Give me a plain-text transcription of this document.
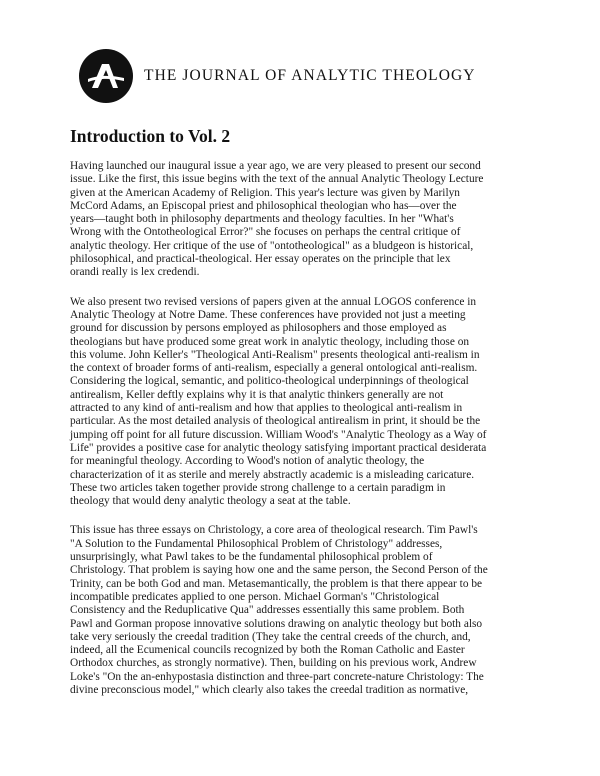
THE JOURNAL OF ANALYTIC THEOLOGY
Introduction to Vol. 2
Having launched our inaugural issue a year ago, we are very pleased to present our second
issue. Like the first, this issue begins with the text of the annual Analytic Theology Lecture
given at the American Academy of Religion. This year's lecture was given by Marilyn
McCord Adams, an Episcopal priest and philosophical theologian who has—over the
years—taught both in philosophy departments and theology faculties. In her "What's
Wrong with the Ontotheological Error?" she focuses on perhaps the central critique of
analytic theology. Her critique of the use of "ontotheological" as a bludgeon is historical,
philosophical, and practical-theological. Her essay operates on the principle that lex
orandi really is lex credendi.
We also present two revised versions of papers given at the annual LOGOS conference in
Analytic Theology at Notre Dame. These conferences have provided not just a meeting
ground for discussion by persons employed as philosophers and those employed as
theologians but have produced some great work in analytic theology, including those on
this volume. John Keller's "Theological Anti-Realism" presents theological anti-realism in
the context of broader forms of anti-realism, especially a general ontological anti-realism.
Considering the logical, semantic, and politico-theological underpinnings of theological
antirealism, Keller deftly explains why it is that analytic thinkers generally are not
attracted to any kind of anti-realism and how that applies to theological anti-realism in
particular. As the most detailed analysis of theological antirealism in print, it should be the
jumping off point for all future discussion. William Wood's "Analytic Theology as a Way of
Life" provides a positive case for analytic theology satisfying important practical desiderata
for meaningful theology. According to Wood's notion of analytic theology, the
characterization of it as sterile and merely abstractly academic is a misleading caricature.
These two articles taken together provide strong challenge to a certain paradigm in
theology that would deny analytic theology a seat at the table.
This issue has three essays on Christology, a core area of theological research. Tim Pawl's
"A Solution to the Fundamental Philosophical Problem of Christology" addresses,
unsurprisingly, what Pawl takes to be the fundamental philosophical problem of
Christology. That problem is saying how one and the same person, the Second Person of the
Trinity, can be both God and man. Metasemantically, the problem is that there appear to be
incompatible predicates applied to one person. Michael Gorman's "Christological
Consistency and the Reduplicative Qua" addresses essentially this same problem. Both
Pawl and Gorman propose innovative solutions drawing on analytic theology but both also
take very seriously the creedal tradition (They take the central creeds of the church, and,
indeed, all the Ecumenical councils recognized by both the Roman Catholic and Easter
Orthodox churches, as strongly normative). Then, building on his previous work, Andrew
Loke's "On the an-enhypostasia distinction and three-part concrete-nature Christology: The
divine preconscious model," which clearly also takes the creedal tradition as normative,
